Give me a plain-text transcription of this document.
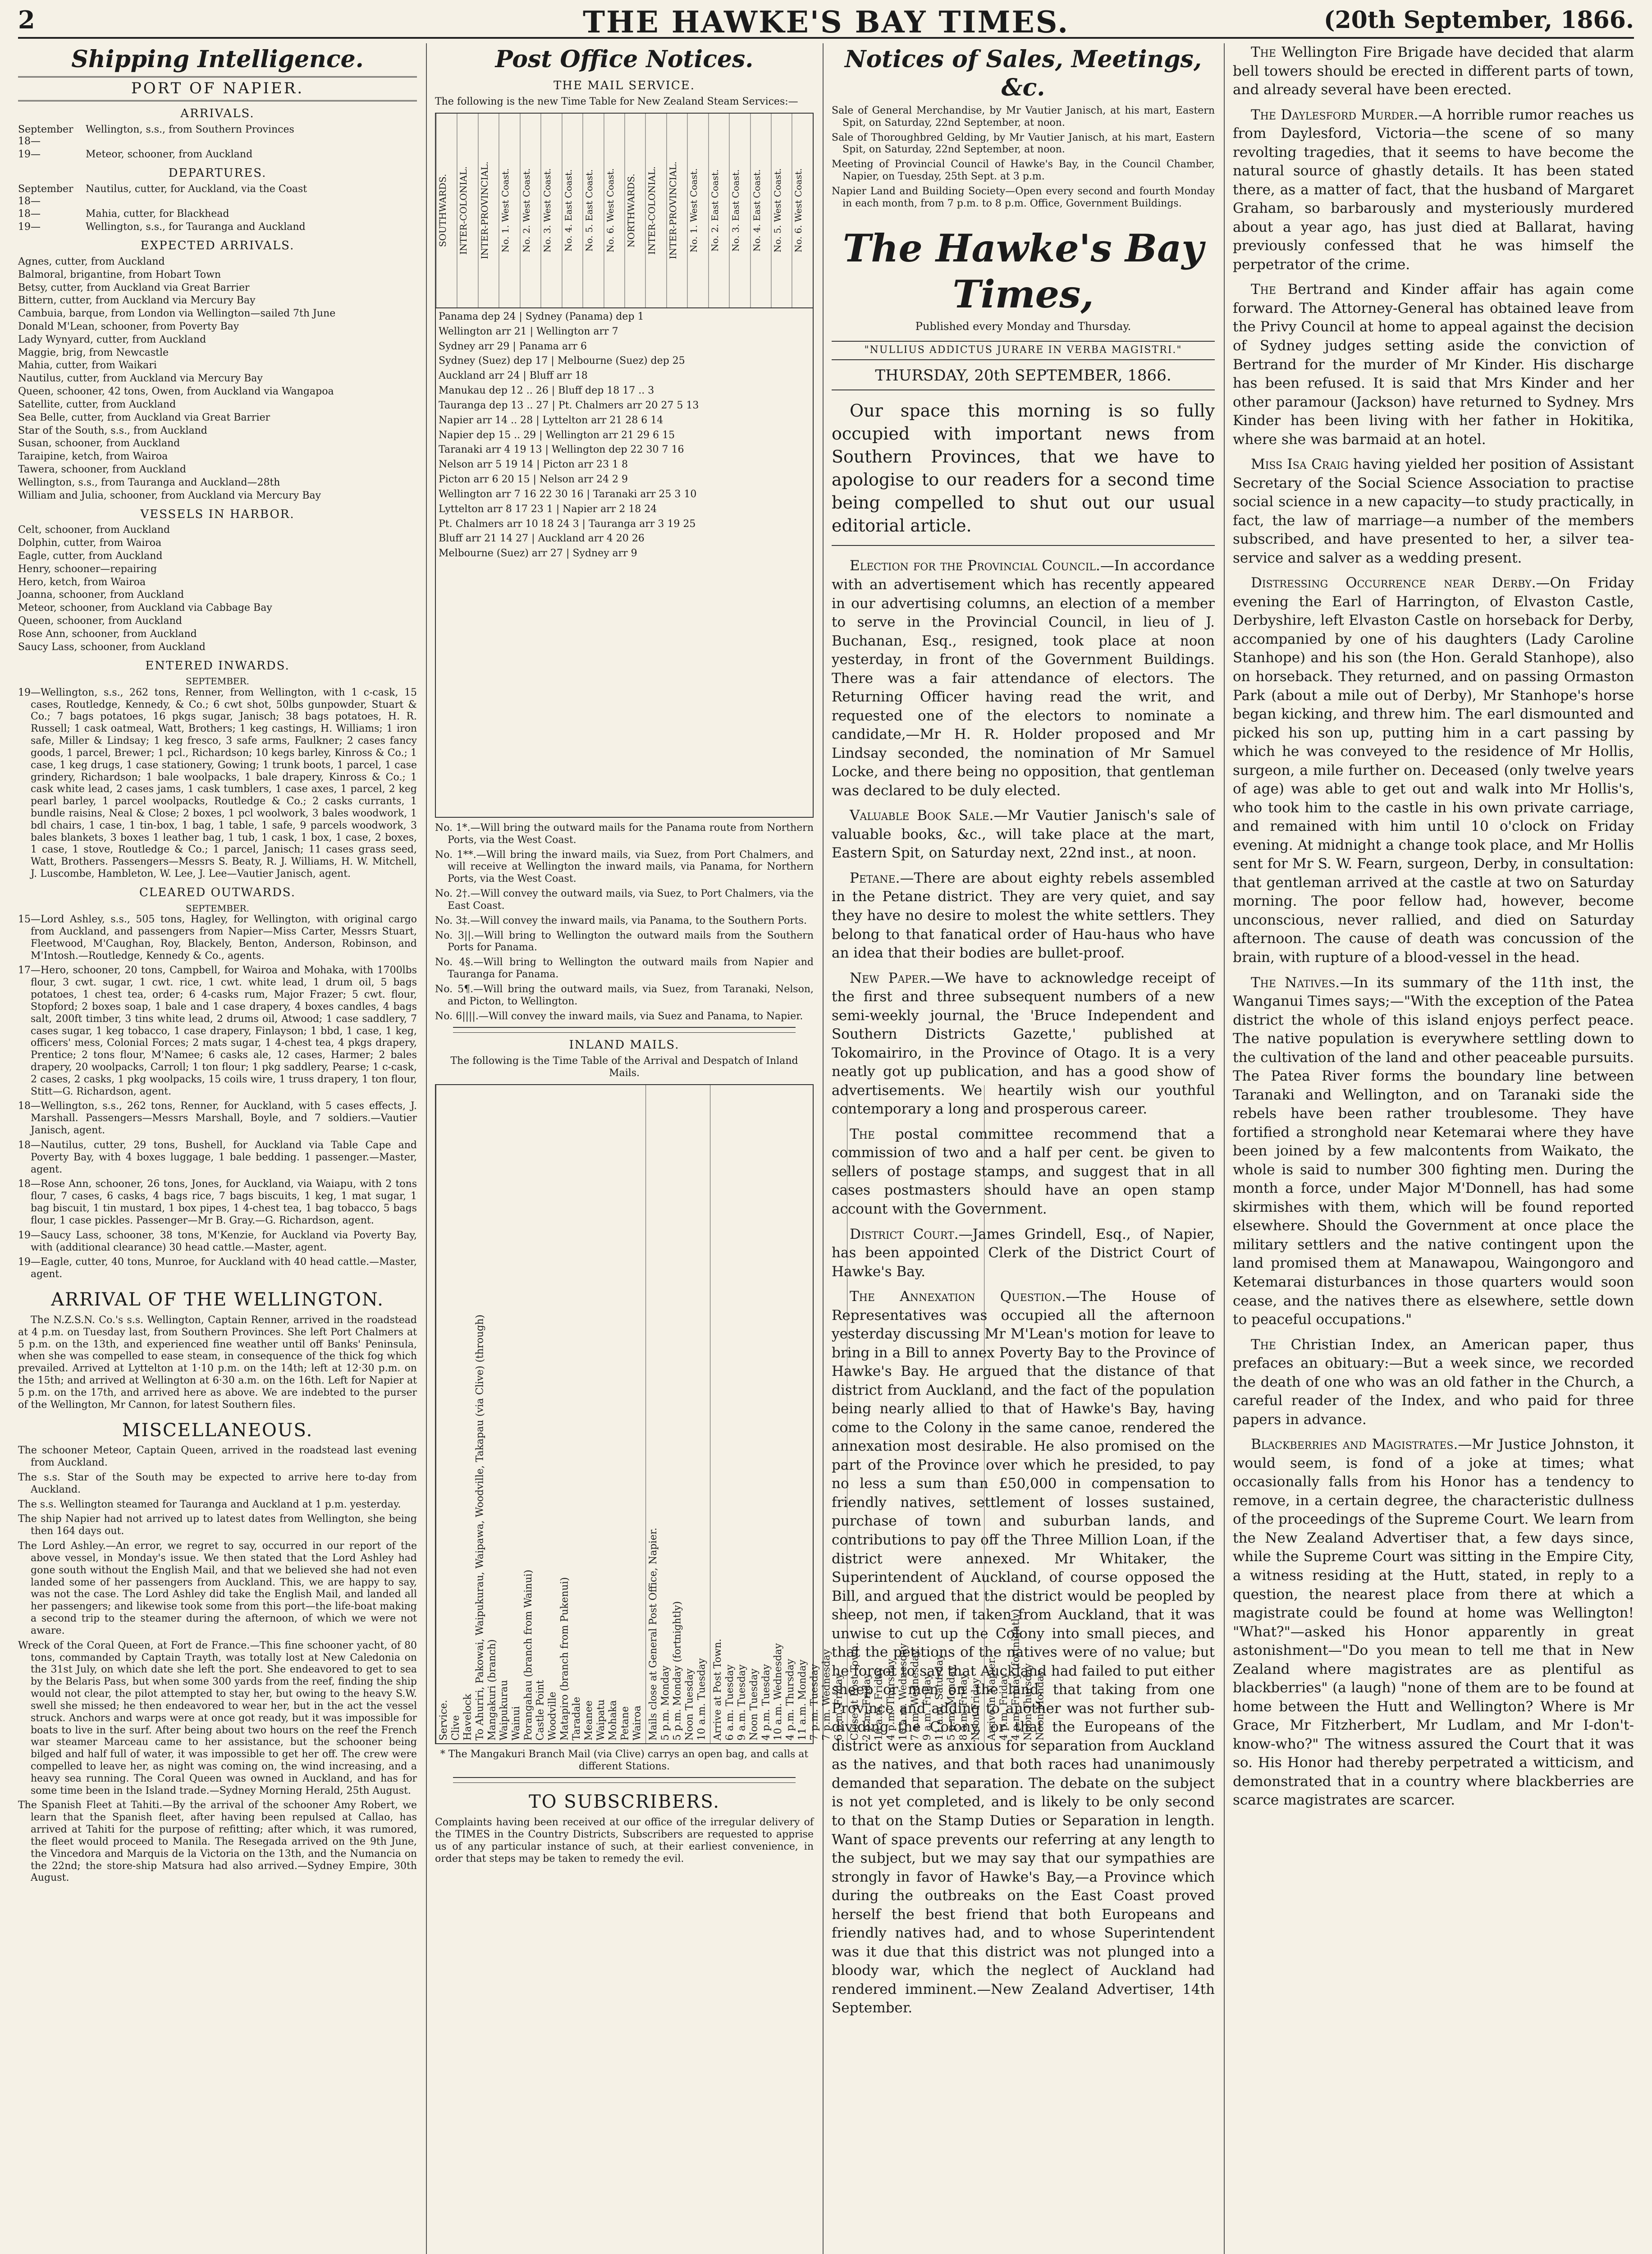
2	THE HAWKE'S BAY TIMES.	(20th September, 1866.
Shipping Intelligence.
PORT OF NAPIER.
ARRIVALS.
September 18—
Wellington, s.s., from Southern Provinces
19—	Meteor, schooner, from Auckland
DEPARTURES.
September 18—
Nautilus, cutter, for Auckland, via the Coast
18—	Mahia, cutter, for Blackhead
19—	Wellington, s.s., for Tauranga and Auckland
EXPECTED ARRIVALS.

Agnes, cutter, from Auckland

Balmoral, brigantine, from Hobart Town

Betsy, cutter, from Auckland via Great Barrier

Bittern, cutter, from Auckland via Mercury Bay

Cambuia, barque, from London via Wellington—sailed 7th June

Donald M'Lean, schooner, from Poverty Bay

Lady Wynyard, cutter, from Auckland

Maggie, brig, from Newcastle

Mahia, cutter, from Waikari

Nautilus, cutter, from Auckland via Mercury Bay

Queen, schooner, 42 tons, Owen, from Auckland via Wangapoa

Satellite, cutter, from Auckland

Sea Belle, cutter, from Auckland via Great Barrier

Star of the South, s.s., from Auckland

Susan, schooner, from Auckland

Taraipine, ketch, from Wairoa

Tawera, schooner, from Auckland

Wellington, s.s., from Tauranga and Auckland—28th

William and Julia, schooner, from Auckland via Mercury Bay

VESSELS IN HARBOR.

Celt, schooner, from Auckland

Dolphin, cutter, from Wairoa

Eagle, cutter, from Auckland

Henry, schooner—repairing

Hero, ketch, from Wairoa

Joanna, schooner, from Auckland

Meteor, schooner, from Auckland via Cabbage Bay

Queen, schooner, from Auckland

Rose Ann, schooner, from Auckland

Saucy Lass, schooner, from Auckland

ENTERED INWARDS.
SEPTEMBER.

19—Wellington, s.s., 262 tons, Renner, from Wellington, with 1 c-cask, 15 cases, Routledge, Kennedy, & Co.; 6 cwt shot, 50lbs gunpowder, Stuart & Co.; 7 bags potatoes, 16 pkgs sugar, Janisch; 38 bags potatoes, H. R. Russell; 1 cask oatmeal, Watt, Brothers; 1 keg castings, H. Williams; 1 iron safe, Miller & Lindsay; 1 keg fresco, 3 safe arms, Faulkner; 2 cases fancy goods, 1 parcel, Brewer; 1 pcl., Richardson; 10 kegs barley, Kinross & Co.; 1 case, 1 keg drugs, 1 case stationery, Gowing; 1 trunk boots, 1 parcel, 1 case grindery, Richardson; 1 bale woolpacks, 1 bale drapery, Kinross & Co.; 1 cask white lead, 2 cases jams, 1 cask tumblers, 1 case axes, 1 parcel, 2 keg pearl barley, 1 parcel woolpacks, Routledge & Co.; 2 casks currants, 1 bundle raisins, Neal & Close; 2 boxes, 1 pcl woolwork, 3 bales woodwork, 1 bdl chairs, 1 case, 1 tin-box, 1 bag, 1 table, 1 safe, 9 parcels woodwork, 3 bales blankets, 3 boxes 1 leather bag, 1 tub, 1 cask, 1 box, 1 case, 2 boxes, 1 case, 1 stove, Routledge & Co.; 1 parcel, Janisch; 11 cases grass seed, Watt, Brothers. Passengers—Messrs S. Beaty, R. J. Williams, H. W. Mitchell, J. Luscombe, Hambleton, W. Lee, J. Lee—Vautier Janisch, agent.

CLEARED OUTWARDS.
SEPTEMBER.

15—Lord Ashley, s.s., 505 tons, Hagley, for Wellington, with original cargo from Auckland, and passengers from Napier—Miss Carter, Messrs Stuart, Fleetwood, M'Caughan, Roy, Blackely, Benton, Anderson, Robinson, and M'Intosh.—Routledge, Kennedy & Co., agents.

17—Hero, schooner, 20 tons, Campbell, for Wairoa and Mohaka, with 1700lbs flour, 3 cwt. sugar, 1 cwt. rice, 1 cwt. white lead, 1 drum oil, 5 bags potatoes, 1 chest tea, order; 6 4-casks rum, Major Frazer; 5 cwt. flour, Stopford; 2 boxes soap, 1 bale and 1 case drapery, 4 boxes candles, 4 bags salt, 200ft timber, 3 tins white lead, 2 drums oil, Atwood; 1 case saddlery, 7 cases sugar, 1 keg tobacco, 1 case drapery, Finlayson; 1 bbd, 1 case, 1 keg, officers' mess, Colonial Forces; 2 mats sugar, 1 4-chest tea, 4 pkgs drapery, Prentice; 2 tons flour, M'Namee; 6 casks ale, 12 cases, Harmer; 2 bales drapery, 20 woolpacks, Carroll; 1 ton flour; 1 pkg saddlery, Pearse; 1 c-cask, 2 cases, 2 casks, 1 pkg woolpacks, 15 coils wire, 1 truss drapery, 1 ton flour, Stitt—G. Richardson, agent.

18—Wellington, s.s., 262 tons, Renner, for Auckland, with 5 cases effects, J. Marshall. Passengers—Messrs Marshall, Boyle, and 7 soldiers.—Vautier Janisch, agent.

18—Nautilus, cutter, 29 tons, Bushell, for Auckland via Table Cape and Poverty Bay, with 4 boxes luggage, 1 bale bedding. 1 passenger.—Master, agent.

18—Rose Ann, schooner, 26 tons, Jones, for Auckland, via Waiapu, with 2 tons flour, 7 cases, 6 casks, 4 bags rice, 7 bags biscuits, 1 keg, 1 mat sugar, 1 bag biscuit, 1 tin mustard, 1 box pipes, 1 4-chest tea, 1 bag tobacco, 5 bags flour, 1 case pickles. Passenger—Mr B. Gray.—G. Richardson, agent.

19—Saucy Lass, schooner, 38 tons, M'Kenzie, for Auckland via Poverty Bay, with (additional clearance) 30 head cattle.—Master, agent.

19—Eagle, cutter, 40 tons, Munroe, for Auckland with 40 head cattle.—Master, agent.

ARRIVAL OF THE WELLINGTON.

The N.Z.S.N. Co.'s s.s. Wellington, Captain Renner, arrived in the roadstead at 4 p.m. on Tuesday last, from Southern Provinces. She left Port Chalmers at 5 p.m. on the 13th, and experienced fine weather until off Banks' Peninsula, when she was compelled to ease steam, in consequence of the thick fog which prevailed. Arrived at Lyttelton at 1·10 p.m. on the 14th; left at 12·30 p.m. on the 15th; and arrived at Wellington at 6·30 a.m. on the 16th. Left for Napier at 5 p.m. on the 17th, and arrived here as above. We are indebted to the purser of the Wellington, Mr Cannon, for latest Southern files.

MISCELLANEOUS.

The schooner Meteor, Captain Queen, arrived in the roadstead last evening from Auckland.

The s.s. Star of the South may be expected to arrive here to-day from Auckland.

The s.s. Wellington steamed for Tauranga and Auckland at 1 p.m. yesterday.

The ship Napier had not arrived up to latest dates from Wellington, she being then 164 days out.

The Lord Ashley.—An error, we regret to say, occurred in our report of the above vessel, in Monday's issue. We then stated that the Lord Ashley had gone south without the English Mail, and that we believed she had not even landed some of her passengers from Auckland. This, we are happy to say, was not the case. The Lord Ashley did take the English Mail, and landed all her passengers; and likewise took some from this port—the life-boat making a second trip to the steamer during the afternoon, of which we were not aware.

Wreck of the Coral Queen, at Fort de France.—This fine schooner yacht, of 80 tons, commanded by Captain Trayth, was totally lost at New Caledonia on the 31st July, on which date she left the port. She endeavored to get to sea by the Belaris Pass, but when some 300 yards from the reef, finding the ship would not clear, the pilot attempted to stay her, but owing to the heavy S.W. swell she missed; he then endeavored to wear her, but in the act the vessel struck. Anchors and warps were at once got ready, but it was impossible for boats to live in the surf. After being about two hours on the reef the French war steamer Marceau came to her assistance, but the schooner being bilged and half full of water, it was impossible to get her off. The crew were compelled to leave her, as night was coming on, the wind increasing, and a heavy sea running. The Coral Queen was owned in Auckland, and has for some time been in the Island trade.—Sydney Morning Herald, 25th August.

The Spanish Fleet at Tahiti.—By the arrival of the schooner Amy Robert, we learn that the Spanish fleet, after having been repulsed at Callao, has arrived at Tahiti for the purpose of refitting; after which, it was rumored, the fleet would proceed to Manila. The Resegada arrived on the 9th June, the Vincedora and Marquis de la Victoria on the 13th, and the Numancia on the 22nd; the store-ship Matsura had also arrived.—Sydney Empire, 30th August.

Post Office Notices.
THE MAIL SERVICE.

The following is the new Time Table for New Zealand Steam Services:—

SOUTHWARDS.	INTER-COLONIAL.	INTER-PROVINCIAL.	No. 1. West Coast.	No. 2. West Coast.	No. 3. West Coast.	No. 4. East Coast.	No. 5. East Coast.	No. 6. West Coast.	NORTHWARDS.	INTER-COLONIAL.	INTER-PROVINCIAL.	No. 1. West Coast.	No. 2. East Coast.	No. 3. East Coast.	No. 4. East Coast.	No. 5. West Coast.	No. 6. West Coast.

Panama dep 24 | Sydney (Panama) dep 1

Wellington arr 21 | Wellington arr 7

Sydney arr 29 | Panama arr 6

Sydney (Suez) dep 17 | Melbourne (Suez) dep 25

Auckland arr 24 | Bluff arr 18

Manukau dep 12 .. 26 | Bluff dep 18 17 .. 3

Tauranga dep 13 .. 27 | Pt. Chalmers arr 20 27 5 13

Napier arr 14 .. 28 | Lyttelton arr 21 28 6 14

Napier dep 15 .. 29 | Wellington arr 21 29 6 15

Taranaki arr 4 19 13 | Wellington dep 22 30 7 16

Nelson arr 5 19 14 | Picton arr 23 1 8

Picton arr 6 20 15 | Nelson arr 24 2 9

Wellington arr 7 16 22 30 16 | Taranaki arr 25 3 10

Lyttelton arr 8 17 23 1 | Napier arr 2 18 24

Pt. Chalmers arr 10 18 24 3 | Tauranga arr 3 19 25

Bluff arr 21 14 27 | Auckland arr 4 20 26

Melbourne (Suez) arr 27 | Sydney arr 9

No. 1*.—Will bring the outward mails for the Panama route from Northern Ports, via the West Coast.

No. 1**.—Will bring the inward mails, via Suez, from Port Chalmers, and will receive at Wellington the inward mails, via Panama, for Northern Ports, via the West Coast.

No. 2†.—Will convey the outward mails, via Suez, to Port Chalmers, via the East Coast.

No. 3‡.—Will convey the inward mails, via Panama, to the Southern Ports.

No. 3||.—Will bring to Wellington the outward mails from the Southern Ports for Panama.

No. 4§.—Will bring to Wellington the outward mails from Napier and Tauranga for Panama.

No. 5¶.—Will bring the outward mails, via Suez, from Taranaki, Nelson, and Picton, to Wellington.

No. 6||||.—Will convey the inward mails, via Suez and Panama, to Napier.

INLAND MAILS.

The following is the Time Table of the Arrival and Despatch of Inland Mails.

Service.
Clive
Havelock
To Ahuriri, Pakowai, Waipukurau, Waipawa, Woodville, Takapau (via Clive) (through)
Mangakuri (branch)
Waipukurau
Wainui
Porangahau (branch from Wainui)
Castle Point
Woodville
Matapiro (branch from Pukenui)
Taradale
Meanee
Waipatu
Mohaka
Petane
Wairoa Mails close at General Post Office, Napier.
5 p.m. Monday
5 p.m. Monday (fortnightly)
Noon Tuesday
10 a.m. Tuesday
Arrive at Post Town.
6 a.m. Tuesday
9 a.m. Tuesday
Noon Tuesday
4 p.m. Tuesday
10 a.m. Wednesday
4 p.m. Thursday
11 a.m. Monday
7 p.m. Tuesday
7 p.m. Wednesday
6 p.m. Friday
Close at Post Town.
2 p.m. Friday
10 a.m. Friday
4 p.m. Thursday
10 a.m. Wednesday
7 a.m. Wednesday
9 a.m. Friday
11 a.m. Saturday
5 p.m. Monday
8 a.m. Friday
Noon Friday
Arrive in Napier.
4 p.m. Friday
4 p.m. Friday (fortnightly)
Noon Thursday
Noon Monday

* The Mangakuri Branch Mail (via Clive) carrys an open bag, and calls at different Stations.

TO SUBSCRIBERS.

Complaints having been received at our office of the irregular delivery of the TIMES in the Country Districts, Subscribers are requested to apprise us of any particular instance of such, at their earliest convenience, in order that steps may be taken to remedy the evil.

Notices of Sales, Meetings, &c.

Sale of General Merchandise, by Mr Vautier Janisch, at his mart, Eastern Spit, on Saturday, 22nd September, at noon.

Sale of Thoroughbred Gelding, by Mr Vautier Janisch, at his mart, Eastern Spit, on Saturday, 22nd September, at noon.

Meeting of Provincial Council of Hawke's Bay, in the Council Chamber, Napier, on Tuesday, 25th Sept. at 3 p.m.

Napier Land and Building Society—Open every second and fourth Monday in each month, from 7 p.m. to 8 p.m. Office, Government Buildings.

The Hawke's Bay Times,
Published every Monday and Thursday.
"NULLIUS ADDICTUS JURARE IN VERBA MAGISTRI."
THURSDAY, 20th SEPTEMBER, 1866.

Our space this morning is so fully occupied with important news from Southern Provinces, that we have to apologise to our readers for a second time being compelled to shut out our usual editorial article.

Election for the Provincial Council.—In accordance with an advertisement which has recently appeared in our advertising columns, an election of a member to serve in the Provincial Council, in lieu of J. Buchanan, Esq., resigned, took place at noon yesterday, in front of the Government Buildings. There was a fair attendance of electors. The Returning Officer having read the writ, and requested one of the electors to nominate a candidate,—Mr H. R. Holder proposed and Mr Lindsay seconded, the nomination of Mr Samuel Locke, and there being no opposition, that gentleman was declared to be duly elected.

Valuable Book Sale.—Mr Vautier Janisch's sale of valuable books, &c., will take place at the mart, Eastern Spit, on Saturday next, 22nd inst., at noon.

Petane.—There are about eighty rebels assembled in the Petane district. They are very quiet, and say they have no desire to molest the white settlers. They belong to that fanatical order of Hau-haus who have an idea that their bodies are bullet-proof.

New Paper.—We have to acknowledge receipt of the first and three subsequent numbers of a new semi-weekly journal, the 'Bruce Independent and Southern Districts Gazette,' published at Tokomairiro, in the Province of Otago. It is a very neatly got up publication, and has a good show of advertisements. We heartily wish our youthful contemporary a long and prosperous career.

The postal committee recommend that a commission of two and a half per cent. be given to sellers of postage stamps, and suggest that in all cases postmasters should have an open stamp account with the Government.

District Court.—James Grindell, Esq., of Napier, has been appointed Clerk of the District Court of Hawke's Bay.

The Annexation Question.—The House of Representatives was occupied all the afternoon yesterday discussing Mr M'Lean's motion for leave to bring in a Bill to annex Poverty Bay to the Province of Hawke's Bay. He argued that the distance of that district from Auckland, and the fact of the population being nearly allied to that of Hawke's Bay, having come to the Colony in the same canoe, rendered the annexation most desirable. He also promised on the part of the Province over which he presided, to pay no less a sum than £50,000 in compensation to friendly natives, settlement of losses sustained, purchase of town and suburban lands, and contributions to pay off the Three Million Loan, if the district were annexed. Mr Whitaker, the Superintendent of Auckland, of course opposed the Bill, and argued that the district would be peopled by sheep, not men, if taken from Auckland, that it was unwise to cut up the Colony into small pieces, and that the petitions of the natives were of no value; but he forgot to say that Auckland had failed to put either sheep or men on the land, that taking from one Province and adding to another was not further sub-dividing the Colony, or that the Europeans of the district were as anxious for separation from Auckland as the natives, and that both races had unanimously demanded that separation. The debate on the subject is not yet completed, and is likely to be only second to that on the Stamp Duties or Separation in length. Want of space prevents our referring at any length to the subject, but we may say that our sympathies are strongly in favor of Hawke's Bay,—a Province which during the outbreaks on the East Coast proved herself the best friend that both Europeans and friendly natives had, and to whose Superintendent was it due that this district was not plunged into a bloody war, which the neglect of Auckland had rendered imminent.—New Zealand Advertiser, 14th September.

The Wellington Fire Brigade have decided that alarm bell towers should be erected in different parts of town, and already several have been erected.

The Daylesford Murder.—A horrible rumor reaches us from Daylesford, Victoria—the scene of so many revolting tragedies, that it seems to have become the natural source of ghastly details. It has been stated there, as a matter of fact, that the husband of Margaret Graham, so barbarously and mysteriously murdered about a year ago, has just died at Ballarat, having previously confessed that he was himself the perpetrator of the crime.

The Bertrand and Kinder affair has again come forward. The Attorney-General has obtained leave from the Privy Council at home to appeal against the decision of Sydney judges setting aside the conviction of Bertrand for the murder of Mr Kinder. His discharge has been refused. It is said that Mrs Kinder and her other paramour (Jackson) have returned to Sydney. Mrs Kinder has been living with her father in Hokitika, where she was barmaid at an hotel.

Miss Isa Craig having yielded her position of Assistant Secretary of the Social Science Association to practise social science in a new capacity—to study practically, in fact, the law of marriage—a number of the members subscribed, and have presented to her, a silver tea-service and salver as a wedding present.

Distressing Occurrence near Derby.—On Friday evening the Earl of Harrington, of Elvaston Castle, Derbyshire, left Elvaston Castle on horseback for Derby, accompanied by one of his daughters (Lady Caroline Stanhope) and his son (the Hon. Gerald Stanhope), also on horseback. They returned, and on passing Ormaston Park (about a mile out of Derby), Mr Stanhope's horse began kicking, and threw him. The earl dismounted and picked his son up, putting him in a cart passing by which he was conveyed to the residence of Mr Hollis, surgeon, a mile further on. Deceased (only twelve years of age) was able to get out and walk into Mr Hollis's, who took him to the castle in his own private carriage, and remained with him until 10 o'clock on Friday evening. At midnight a change took place, and Mr Hollis sent for Mr S. W. Fearn, surgeon, Derby, in consultation: that gentleman arrived at the castle at two on Saturday morning. The poor fellow had, however, become unconscious, never rallied, and died on Saturday afternoon. The cause of death was concussion of the brain, with rupture of a blood-vessel in the head.

The Natives.—In its summary of the 11th inst, the Wanganui Times says;—"With the exception of the Patea district the whole of this island enjoys perfect peace. The native population is everywhere settling down to the cultivation of the land and other peaceable pursuits. The Patea River forms the boundary line between Taranaki and Wellington, and on Taranaki side the rebels have been rather troublesome. They have fortified a stronghold near Ketemarai where they have been joined by a few malcontents from Waikato, the whole is said to number 300 fighting men. During the month a force, under Major M'Donnell, has had some skirmishes with them, which will be found reported elsewhere. Should the Government at once place the military settlers and the native contingent upon the land promised them at Manawapou, Waingongoro and Ketemarai disturbances in those quarters would soon cease, and the natives there as elsewhere, settle down to peaceful occupations."

The Christian Index, an American paper, thus prefaces an obituary:—But a week since, we recorded the death of one who was an old father in the Church, a careful reader of the Index, and who paid for three papers in advance.

Blackberries and Magistrates.—Mr Justice Johnston, it would seem, is fond of a joke at times; what occasionally falls from his Honor has a tendency to remove, in a certain degree, the characteristic dullness of the proceedings of the Supreme Court. We learn from the New Zealand Advertiser that, a few days since, while the Supreme Court was sitting in the Empire City, a witness residing at the Hutt, stated, in reply to a question, the nearest place from there at which a magistrate could be found at home was Wellington! "What?"—asked his Honor apparently in great astonishment—"Do you mean to tell me that in New Zealand where magistrates are as plentiful as blackberries" (a laugh) "none of them are to be found at home between the Hutt and Wellington? Where is Mr Grace, Mr Fitzherbert, Mr Ludlam, and Mr I-don't-know-who?" The witness assured the Court that it was so. His Honor had thereby perpetrated a witticism, and demonstrated that in a country where blackberries are scarce magistrates are scarcer.
